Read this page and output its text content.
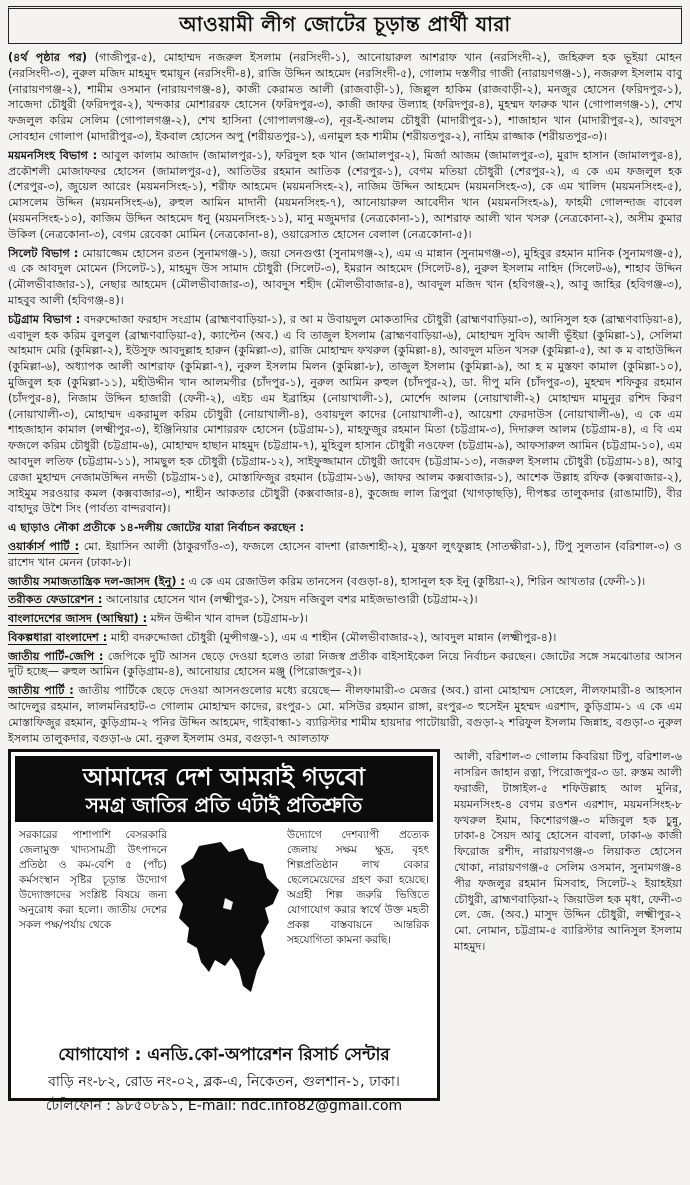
আওয়ামী লীগ জোটের চূড়ান্ত প্রার্থী যারা

(৪র্থ পৃষ্ঠার পর) (গাজীপুর-৫), মোহাম্মদ নজরুল ইসলাম (নরসিংদী-১), আনোয়ারুল আশরাফ খান (নরসিংদী-২), জহিরুল হক ভূইয়া মোহন (নরসিংদী-৩), নুরুল মজিদ মাহমুদ হুমায়ূন (নরসিংদী-৪), রাজি উদ্দিন আহমেদ (নরসিংদী-৫), গোলাম দস্তগীর গাজী (নারায়ণগঞ্জ-১), নজরুল ইসলাম বাবু (নারায়ণগঞ্জ-২), শামীম ওসমান (নারায়ণগঞ্জ-৪), কাজী কেরামত আলী (রাজবাড়ী-১), জিল্লুল হাকিম (রাজবাড়ী-২), মনজুর হোসেন (ফরিদপুর-১), সাজেদা চৌধুরী (ফরিদপুর-২), খন্দকার মোশাররফ হোসেন (ফরিদপুর-৩), কাজী জাফর উল্যাহ (ফরিদপুর-৪), মুহম্মদ ফারুক খান (গোপালগঞ্জ-১), শেখ ফজলুল করিম সেলিম (গোপালগঞ্জ-২), শেখ হাসিনা (গোপালগঞ্জ-৩), নূর-ই-আলম চৌধুরী (মাদারীপুর-১), শাজাহান খান (মাদারীপুর-২), আবদুস সোবহান গোলাপ (মাদারীপুর-৩), ইকবাল হোসেন অপু (শরীয়তপুর-১), এনামুল হক শামীম (শরীয়তপুর-২), নাহিম রাজ্জাক (শরীয়তপুর-৩)।

ময়মনসিংহ বিভাগ : আবুল কালাম আজাদ (জামালপুর-১), ফরিদুল হক খান (জামালপুর-২), মির্জা আজম (জামালপুর-৩), মুরাদ হাসান (জামালপুর-৪), প্রকৌশলী মোজাফফর হোসেন (জামালপুর-৫), আতিউর রহমান আতিক (শেরপুর-১), বেগম মতিয়া চৌধুরী (শেরপুর-২), এ কে এম ফজলুল হক (শেরপুর-৩), জুয়েল আরেং (ময়মনসিংহ-১), শরীফ আহমেদ (ময়মনসিংহ-২), নাজিম উদ্দিন আহমেদ (ময়মনসিংহ-৩), কে এম খালিদ (ময়মনসিংহ-৫), মোসলেম উদ্দিন (ময়মনসিংহ-৬), রুহুল আমিন মাদানী (ময়মনসিংহ-৭), আনোয়ারুল আবেদীন খান (ময়মনসিংহ-৯), ফাহমী গোলন্দাজ বাবেল (ময়মনসিংহ-১০), কাজিম উদ্দিন আহমেদ ধনু (ময়মনসিংহ-১১), মানু মজুমদার (নেত্রকোনা-১), আশরাফ আলী খান খসরু (নেত্রকোনা-২), অসীম কুমার উকিল (নেত্রকোনা-৩), বেগম রেবেকা মোমিন (নেত্রকোনা-৪), ওয়ারেসাত হোসেন বেলাল (নেত্রকোনা-৫)।

সিলেট বিভাগ : মোয়াজ্জেম হোসেন রতন (সুনামগঞ্জ-১), জয়া সেনগুপ্তা (সুনামগঞ্জ-২), এম এ মান্নান (সুনামগঞ্জ-৩), মুহিবুর রহমান মানিক (সুনামগঞ্জ-৫), এ কে আবদুল মোমেন (সিলেট-১), মাহমুদ উস সামাদ চৌধুরী (সিলেট-৩), ইমরান আহমেদ (সিলেট-৪), নুরুল ইসলাম নাহিদ (সিলেট-৬), শাহাব উদ্দিন (মৌলভীবাজার-১), নেছার আহমেদ (মৌলভীবাজার-৩), আবদুস শহীদ (মৌলভীবাজার-৪), আবদুল মজিদ খান (হবিগঞ্জ-২), আবু জাহির (হবিগঞ্জ-৩), মাহবুব আলী (হবিগঞ্জ-৪)।

চট্টগ্রাম বিভাগ : বদরুদ্দোজা ফরহাদ সংগ্রাম (ব্রাহ্মণবাড়িয়া-১), র আ ম উবায়দুল মোকতাদির চৌধুরী (ব্রাহ্মণবাড়িয়া-৩), আনিসুল হক (ব্রাহ্মণবাড়িয়া-৪), এবাদুল হক করিম বুলবুল (ব্রাহ্মণবাড়িয়া-৫), ক্যাপ্টেন (অব.) এ বি তাজুল ইসলাম (ব্রাহ্মণবাড়িয়া-৬), মোহাম্মদ সুবিদ আলী ভূঁইয়া (কুমিল্লা-১), সেলিমা আহমাদ মেরি (কুমিল্লা-২), ইউসুফ আবদুল্লাহ হারুন (কুমিল্লা-৩), রাজি মোহাম্মদ ফখরুল (কুমিল্লা-৪), আবদুল মতিন খসরু (কুমিল্লা-৫), আ ক ম বাহাউদ্দিন (কুমিল্লা-৬), অধ্যাপক আলী আশরাফ (কুমিল্লা-৭), নুরুল ইসলাম মিলন (কুমিল্লা-৮), তাজুল ইসলাম (কুমিল্লা-৯), আ হ ম মুস্তফা কামাল (কুমিল্লা-১০), মুজিবুল হক (কুমিল্লা-১১), মহীউদ্দীন খান আলমগীর (চাঁদপুর-১), নুরুল আমিন রুহুল (চাঁদপুর-২), ডা. দীপু মনি (চাঁদপুর-৩), মুহম্মদ শফিকুর রহমান (চাঁদপুর-৪), নিজাম উদ্দিন হাজারী (ফেনী-২), এইচ এম ইব্রাহিম (নোয়াখালী-১), মোর্শেদ আলম (নোয়াখালী-২) মোহাম্মদ মামুনুর রশিদ কিরণ (নোয়াখালী-৩), মোহাম্মদ একরামুল করিম চৌধুরী (নোয়াখালী-৪), ওবায়দুল কাদের (নোয়াখালী-৫), আয়েশা ফেরদাউস (নোয়াখালী-৬), এ কে এম শাহজাহান কামাল (লক্ষ্মীপুর-৩), ইঞ্জিনিয়ার মোশাররফ হোসেন (চট্টগ্রাম-১), মাহফুজুর রহমান মিতা (চট্টগ্রাম-৩), দিদারুল আলম (চট্টগ্রাম-৪), এ বি এম ফজলে করিম চৌধুরী (চট্টগ্রাম-৬), মোহাম্মদ হাছান মাহমুদ (চট্টগ্রাম-৭), মুহিবুল হাসান চৌধুরী নওফেল (চট্টগ্রাম-৯), আফসারুল আমিন (চট্টগ্রাম-১০), এম আবদুল লতিফ (চট্টগ্রাম-১১), সামছুল হক চৌধুরী (চট্টগ্রাম-১২), সাইফুজ্জামান চৌধুরী জাবেদ (চট্টগ্রাম-১৩), নজরুল ইসলাম চৌধুরী (চট্টগ্রাম-১৪), আবু রেজা মুহাম্মদ নেজামউদ্দিন নদভী (চট্টগ্রাম-১৫), মোস্তাফিজুর রহমান (চট্টগ্রাম-১৬), জাফর আলম কক্সবাজার-১), আশেক উল্লাহ রফিক (কক্সবাজার-২), সাইমুম সরওয়ার কমল (কক্সবাজার-৩), শাহীন আকতার চৌধুরী (কক্সবাজার-৪), কুজেন্দ্র লাল ত্রিপুরা (খাগড়াছড়ি), দীপঙ্কর তালুকদার (রাঙামাটি), বীর বাহাদুর উশৈ সিং (পার্বত্য বান্দরবান)।

এ ছাড়াও নৌকা প্রতীকে ১৪-দলীয় জোটের যারা নির্বাচন করছেন :

ওয়ার্কার্স পার্টি : মো. ইয়াসিন আলী (ঠাকুরগাঁও-৩), ফজলে হোসেন বাদশা (রাজশাহী-২), মুস্তফা লুৎফুল্লাহ (সাতক্ষীরা-১), টিপু সুলতান (বরিশাল-৩) ও রাশেদ খান মেনন (ঢাকা-৮)।

জাতীয় সমাজতান্ত্রিক দল-জাসদ (ইনু) : এ কে এম রেজাউল করিম তানসেন (বগুড়া-৪), হাসানুল হক ইনু (কুষ্টিয়া-২), শিরিন আখতার (ফেনী-১)।

তরীকত ফেডারেশন : আনোয়ার হোসেন খান (লক্ষ্মীপুর-১), সৈয়দ নজিবুল বশর মাইজভাণ্ডারী (চট্টগ্রাম-২)।

বাংলাদেশের জাসদ (আম্বিয়া) : মঈন উদ্দীন খান বাদল (চট্টগ্রাম-৮)।

বিকল্পধারা বাংলাদেশ : মাহী বদরুদ্দোজা চৌধুরী (মুন্সীগঞ্জ-১), এম এ শাহীন (মৌলভীবাজার-২), আবদুল মান্নান (লক্ষ্মীপুর-৪)।

জাতীয় পার্টি-জেপি : জেপিকে দুটি আসন ছেড়ে দেওয়া হলেও তারা নিজস্ব প্রতীক বাইসাইকেল নিয়ে নির্বাচন করছেন। জোটের সঙ্গে সমঝোতার আসন দুটি হচ্ছে— রুহুল আমিন (কুড়িগ্রাম-৪), আনোয়ার হোসেন মঞ্জু (পিরোজপুর-২)।

জাতীয় পার্টি : জাতীয় পার্টিকে ছেড়ে দেওয়া আসনগুলোর মধ্যে রয়েছে— নীলফামারী-৩ মেজর (অব.) রানা মোহাম্মদ সোহেল, নীলফামারী-৪ আহসান আদেলুর রহমান, লালমনিরহাট-৩ গোলাম মোহাম্মদ কাদের, রংপুর-১ মো. মসিউর রহমান রাঙ্গা, রংপুর-৩ হুসেইন মুহম্মদ এরশাদ, কুড়িগ্রাম-১ এ কে এম মোস্তাফিজুর রহমান, কুড়িগ্রাম-২ পনির উদ্দিন আহমেদ, গাইবান্ধা-১ ব্যারিস্টার শামীম হায়দার পাটোয়ারী, বগুড়া-২ শরিফুল ইসলাম জিন্নাহ, বগুড়া-৩ নুরুল ইসলাম তালুকদার, বগুড়া-৬ মো. নুরুল ইসলাম ওমর, বগুড়া-৭ আলতাফ

আমাদের দেশ আমরাই গড়বো
সমগ্র জাতির প্রতি এটাই প্রতিশ্রুতি
সরকারের পাশাপাশি বেসরকারি জেলামুক্ত খাদ্যসামগ্রী উৎপাদনে প্রতিষ্ঠা ও কম-বেশি ৫ (পাঁচ) কর্মসংস্থান সৃষ্টির চূড়ান্ত উদ্যোগ উদ্যোক্তাদের সংশ্লিষ্ট বিষয়ে জন্য অনুরোধ করা হলো। জাতীয় দেশের সকল পক্ষ/পর্যায় থেকে
উদ্যোগে দেশব্যাপী প্রত্যেক জেলায় সক্ষম ক্ষুদ্র, বৃহৎ শিল্পপ্রতিষ্ঠান লাখ বেকার ছেলেমেয়েদের গ্রহণ করা হয়েছে। অগ্রহী শিল্প জরুরি ভিত্তিতে যোগাযোগ করার স্বার্থে উক্ত মহতী প্রকল্প বাস্তবায়নে আন্তরিক সহযোগিতা কামনা করছি।
যোগাযোগ : এনডি.কো-অপারেশন রিসার্চ সেন্টার
বাড়ি নং-৮২, রোড নং-০২, ব্লক-এ, নিকেতন, গুলশান-১, ঢাকা।
টেলিফোন : ৯৮৫০৮৯১, E-mail: ndc.info82@gmail.com
আলী, বরিশাল-৩ গোলাম কিবরিয়া টিপু, বরিশাল-৬ নাসরিন জাহান রত্না, পিরোজপুর-৩ ডা. রুস্তম আলী ফরাজী, টাঙ্গাইল-৫ শফিউল্লাহ আল মুনির, ময়মনসিংহ-৪ বেগম রওশন এরশাদ, ময়মনসিংহ-৮ ফখরুল ইমাম, কিশোরগঞ্জ-৩ মজিবুল হক চুন্নু, ঢাকা-৪ সৈয়দ আবু হোসেন বাবলা, ঢাকা-৬ কাজী ফিরোজ রশীদ, নারায়ণগঞ্জ-৩ লিয়াকত হোসেন খোকা, নারায়ণগঞ্জ-৫ সেলিম ওসমান, সুনামগঞ্জ-৪ পীর ফজলুর রহমান মিসবাহ, সিলেট-২ ইয়াহইয়া চৌধুরী, ব্রাহ্মণবাড়িয়া-২ জিয়াউল হক মৃধা, ফেনী-৩ লে. জে. (অব.) মাসুদ উদ্দিন চৌধুরী, লক্ষ্মীপুর-২ মো. নোমান, চট্টগ্রাম-৫ ব্যারিস্টার আনিসুল ইসলাম মাহমুদ।
